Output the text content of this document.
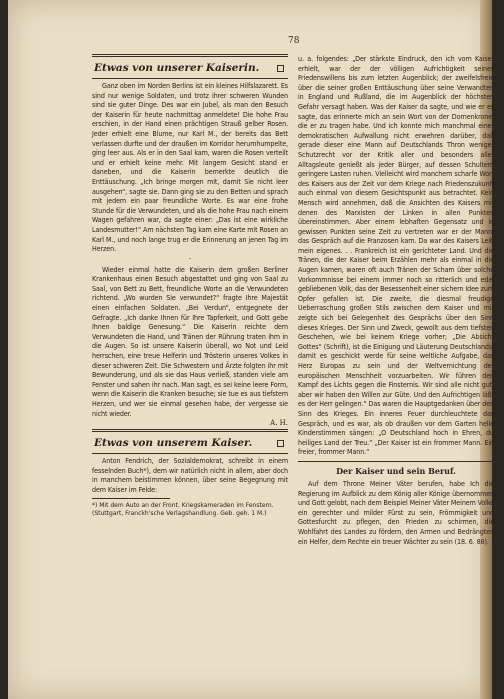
78
Etwas von unserer Kaiserin.

Ganz oben im Norden Berlins ist ein kleines Hilfslazarett. Es sind nur wenige Soldaten, und trotz ihrer schweren Wunden sind sie guter Dinge. Des war ein Jubel, als man den Besuch der Kaiserin für heute nachmittag anmeldete! Die hohe Frau erschien, in der Hand einen prächtigen Strauß gelber Rosen. Jeder erhielt eine Blume, nur Karl M., der bereits das Bett verlassen durfte und der draußen im Korridor herumhumpelte, ging leer aus. Als er in den Saal kam, waren die Rosen verteilt und er erhielt keine mehr. Mit langem Gesicht stand er daneben, und die Kaiserin bemerkte deutlich die Enttäuschung. „Ich bringe morgen mit, damit Sie nicht leer ausgehen“, sagte sie. Dann ging sie zu den Betten und sprach mit jedem ein paar freundliche Worte. Es war eine frohe Stunde für die Verwundeten, und als die hohe Frau nach einem Wagen gefahren war, da sagte einer: „Das ist eine wirkliche Landesmutter!“ Am nächsten Tag kam eine Karte mit Rosen an Karl M., und noch lange trug er die Erinnerung an jenen Tag im Herzen.

·

Wieder einmal hatte die Kaiserin dem großen Berliner Krankenhaus einen Besuch abgestattet und ging von Saal zu Saal, von Bett zu Bett, freundliche Worte an die Verwundeten richtend. „Wo wurden Sie verwundet?“ fragte Ihre Majestät einen einfachen Soldaten. „Bei Verdun“, entgegnete der Gefragte. „Ich danke Ihnen für Ihre Tapferkeit, und Gott gebe Ihnen baldige Genesung.“ Die Kaiserin reichte dem Verwundeten die Hand, und Tränen der Rührung traten ihm in die Augen. So ist unsere Kaiserin überall, wo Not und Leid herrschen, eine treue Helferin und Trösterin unseres Volkes in dieser schweren Zeit. Die Schwestern und Ärzte folgten ihr mit Bewunderung, und als sie das Haus verließ, standen viele am Fenster und sahen ihr nach. Man sagt, es sei keine leere Form, wenn die Kaiserin die Kranken besuche; sie tue es aus tiefstem Herzen, und wer sie einmal gesehen habe, der vergesse sie nicht wieder.

A. H.
Etwas von unserem Kaiser.

Anton Fendrich, der Sozialdemokrat, schreibt in einem fesselnden Buch*), dem wir natürlich nicht in allem, aber doch in manchem beistimmen können, über seine Begegnung mit dem Kaiser im Felde:

*) Mit dem Auto an der Front. Kriegskameraden im Fenstern. (Stuttgart, Franckh'sche Verlagshandlung. Geb. geh. 1 M.)

u. a. folgendes: „Der stärkste Eindruck, den ich vom Kaiser erhielt, war der der völligen Aufrichtigkeit seines Friedenswillens bis zum letzten Augenblick; der zweifelsfreie über die seiner großen Enttäuschung über seine Verwandten in England und Rußland, die im Augenblick der höchsten Gefahr versagt haben. Was der Kaiser da sagte, und wie er es sagte, das erinnerte mich an sein Wort von der Dornenkrone, die er zu tragen habe. Und ich konnte mich manchmal einer demokratischen Aufwallung nicht erwehren darüber, daß gerade dieser eine Mann auf Deutschlands Thron weniger Schutzrecht vor der Kritik aller und besonders aller Alltagsleute genießt als jeder Bürger, auf dessen Schultern geringere Lasten ruhen. Vielleicht wird manchem scharfe Wort des Kaisers aus der Zeit vor dem Kriege nach Friedenszukunft auch einmal von diesem Gesichtspunkt aus betrachtet. Kein Mensch wird annehmen, daß die Ansichten des Kaisers mit denen des Marxisten der Linken in allen Punkten übereinstimmen. Aber einem lebhaften Gegensatz und in gewissen Punkten seine Zeit zu vertreten war er der Mann, das Gespräch auf die Franzosen kam. Da war des Kaisers Leib mein eigenes. . . Frankreich ist ein gerichteter Land. Und die Tränen, die der Kaiser beim Erzählen mehr als einmal in die Augen kamen, waren oft auch Tränen der Scham über solche Vorkommnisse bei einem immer noch so ritterlich und edel gebliebenen Volk, das der Besessenheit einer sichern Idee zum Opfer gefallen ist. Die zweite, die diesmal freudige Ueberraschung großen Stils zwischen dem Kaiser und mir zeigte sich bei Gelegenheit des Gesprächs über den Sinn dieses Krieges. Der Sinn und Zweck, gewollt aus dem tiefsten Geschehen, wie bei keinem Kriege vorher; „Die Absicht Gottes“ (Schrift), ist die Einigung und Läuterung Deutschlands, damit es geschickt werde für seine weltliche Aufgabe, das Herz Europas zu sein und der Weltvernichtung der europäischen Menschheit vorzuarbeiten. Wir führen den Kampf des Lichts gegen die Finsternis. Wir sind alle nicht gut, aber wir haben den Willen zur Güte. Und den Aufrichtigen läßt es der Herr gelingen.“ Das waren die Hauptgedanken über den Sinn des Krieges. Ein inneres Feuer durchleuchtete das Gespräch, und es war, als ob draußen vor dem Garten helle Kinderstimmen sängen: „O Deutschland hoch in Ehren, du heiliges Land der Treu.“ „Der Kaiser ist ein frommer Mann. Ein freier, frommer Mann.“

Der Kaiser und sein Beruf.

Auf dem Throne Meiner Väter berufen, habe Ich die Regierung im Aufblick zu dem König aller Könige übernommen und Gott gelobt, nach dem Beispiel Meiner Väter Meinem Volke ein gerechter und milder Fürst zu sein, Frömmigkeit und Gottesfurcht zu pflegen, den Frieden zu schirmen, die Wohlfahrt des Landes zu fördern, den Armen und Bedrängten ein Helfer, dem Rechte ein treuer Wächter zu sein (18. 6. 88).
